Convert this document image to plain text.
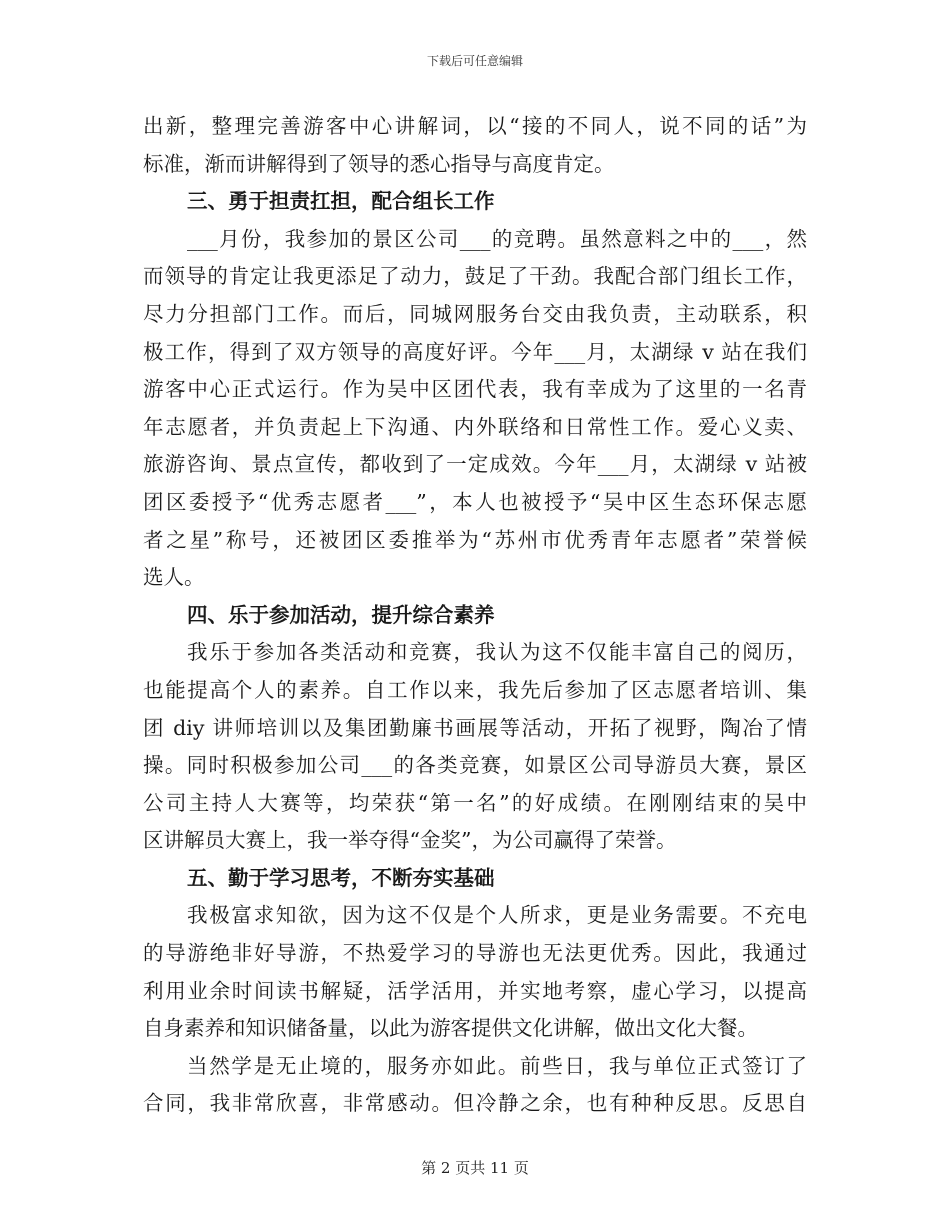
下载后可任意编辑
出新，整理完善游客中心讲解词，以“接的不同人，说不同的话”为
标准，渐而讲解得到了领导的悉心指导与高度肯定。
三、勇于担责扛担，配合组长工作
___月份，我参加的景区公司___的竞聘。虽然意料之中的___，然
而领导的肯定让我更添足了动力，鼓足了干劲。我配合部门组长工作，
尽力分担部门工作。而后，同城网服务台交由我负责，主动联系，积
极工作，得到了双方领导的高度好评。今年___月，太湖绿 v 站在我们
游客中心正式运行。作为吴中区团代表，我有幸成为了这里的一名青
年志愿者，并负责起上下沟通、内外联络和日常性工作。爱心义卖、
旅游咨询、景点宣传，都收到了一定成效。今年___月，太湖绿 v 站被
团区委授予“优秀志愿者___”，本人也被授予“吴中区生态环保志愿
者之星”称号，还被团区委推举为“苏州市优秀青年志愿者”荣誉候
选人。
四、乐于参加活动，提升综合素养
我乐于参加各类活动和竞赛，我认为这不仅能丰富自己的阅历，
也能提高个人的素养。自工作以来，我先后参加了区志愿者培训、集
团 diy 讲师培训以及集团勤廉书画展等活动，开拓了视野，陶冶了情
操。同时积极参加公司___的各类竞赛，如景区公司导游员大赛，景区
公司主持人大赛等，均荣获“第一名”的好成绩。在刚刚结束的吴中
区讲解员大赛上，我一举夺得“金奖”，为公司赢得了荣誉。
五、勤于学习思考，不断夯实基础
我极富求知欲，因为这不仅是个人所求，更是业务需要。不充电
的导游绝非好导游，不热爱学习的导游也无法更优秀。因此，我通过
利用业余时间读书解疑，活学活用，并实地考察，虚心学习，以提高
自身素养和知识储备量，以此为游客提供文化讲解，做出文化大餐。
当然学是无止境的，服务亦如此。前些日，我与单位正式签订了
合同，我非常欣喜，非常感动。但冷静之余，也有种种反思。反思自
第 2 页共 11 页
